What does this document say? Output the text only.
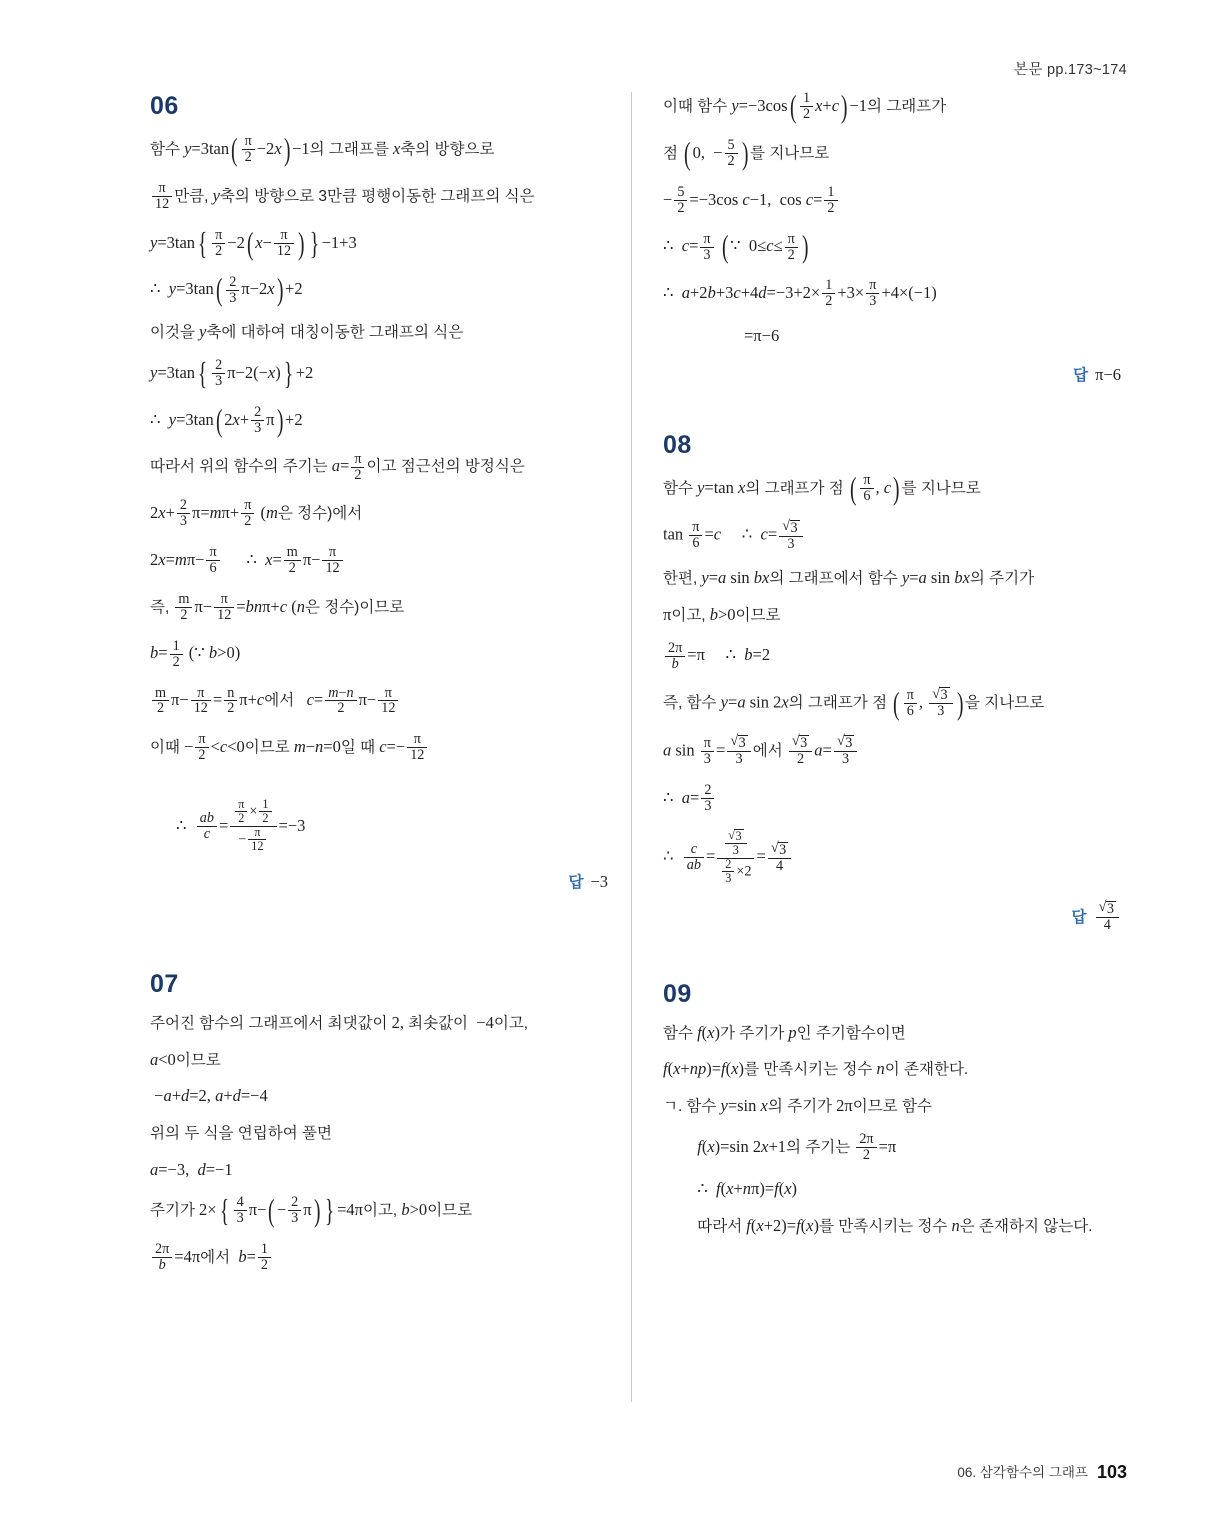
본문 pp.173~174
06
함수 $y=3\tan( \frac{\pi}{2} -2x) -1$의 그래프를 x축의 방향으로
$\frac{\pi}{12}$ 만큼, y축의 방향으로 3만큼 평행이동한 그래프의 식은
$y=3\tan\{ \frac{\pi}{2} -2$( $x- \frac{\pi}{12}$ ) } −1+3
∴  $y=3\tan( \frac{2}{3} \pi-2x) +2$
이것을 y축에 대하여 대칭이동한 그래프의 식은
$y=3\tan\{ \frac{2}{3} \pi-2(-x)\} +2$
∴  y=3tan( $2x+ \frac{2}{3} \pi) +2$
따라서 위의 함수의 주기는 $a= \frac{\pi}{2}$ 이고 점근선의 방정식은
$2x+ \frac{2}{3} \pi=m\pi+ \frac{\pi}{2} (m$은 정수)에서
$2x=m\pi- \frac{\pi}{6}$ ∴  $x= \frac{m}{2} \pi- \frac{\pi}{12}$
즉, $\frac{m}{2} \pi- \frac{\pi}{12} =bn\pi+c$ (n은 정수)이므로
$b= \frac{1}{2}$ (∵ b>0)
$\frac{m}{2} \pi- \frac{\pi}{12} = \frac{n}{2} \pi+c$에서 $c= \frac{m-n}{2} \pi- \frac{\pi}{12}$
이때 − $\frac{\pi}{2} <c<0$이므로 m−n=0일 때 $c=- \frac{\pi}{12}$
∴ $\frac{ab}{c} = \frac{\frac{\pi}{2} \times \frac{1}{2}}{- \frac{\pi}{12}} =-3$
답 −3
07
주어진 함수의 그래프에서 최댓값이 2, 최솟값이  −4이고,
a<0이므로
−a+d=2, a+d=−4
위의 두 식을 연립하여 풀면
a=−3,  d=−1
주기가 $2\times\{ \frac{4}{3} \pi-( - \frac{2}{3} \pi)$ } =4π이고, b>0이므로
$\frac{2\pi}{b} =4\pi$에서 $b= \frac{1}{2}$
이때 함수 $y=-3\cos( \frac{1}{2} x+c) -1$의 그래프가
점 ( 0,  − $\frac{5}{2}$ ) 를 지나므로
− $\frac{5}{2} =-3\cos$ c−1,  $\cos c= \frac{1}{2}$
∴  $c= \frac{\pi}{3}$ ( ∵  $0\le c\le \frac{\pi}{2}$ )
∴  $a+2b+3c+4d=-3+2\times \frac{1}{2} +3\times \frac{\pi}{3} +4\times(-1)$
=π−6
답 π−6
08
함수 y=tan x의 그래프가 점 ( $\frac{\pi}{6}$ , c) 를 지나므로
$\tan \frac{\pi}{6} =c$     ∴  c= √ $\frac{3}{3}$
한편, y=a sin bx의 그래프에서 함수 y=a sin bx의 주기가
π이고, b>0이므로
$\frac{2\pi}{b} =\pi$     ∴  b=2
즉, 함수 y=a sin 2x의 그래프가 점 ( $\frac{\pi}{6}$ , √ $\frac{3}{3}$ ) 을 지나므로
a $\sin \frac{\pi}{3}$ = √ $\frac{3}{3}$ 에서 √ $\frac{3}{2} a=$ √ $\frac{3}{3}$
∴  $a= \frac{2}{3}$
∴ $\frac{c}{ab}$ = √ $\frac{\frac{3}{3}}{\frac{2}{3} \times 2}$ = √ $\frac{3}{4}$
답 √ $\frac{3}{4}$
09
함수 f(x)가 주기가 p인 주기함수이면
f(x+np)=f(x)를 만족시키는 정수 n이 존재한다.
ㄱ. 함수 y=sin x의 주기가 2π이므로 함수
f(x)=sin 2x+1의 주기는 $\frac{2\pi}{2} =\pi$
∴  f(x+nπ)=f(x)
따라서 f(x+2)=f(x)를 만족시키는 정수 n은 존재하지 않는다.
06. 삼각함수의 그래프 103
